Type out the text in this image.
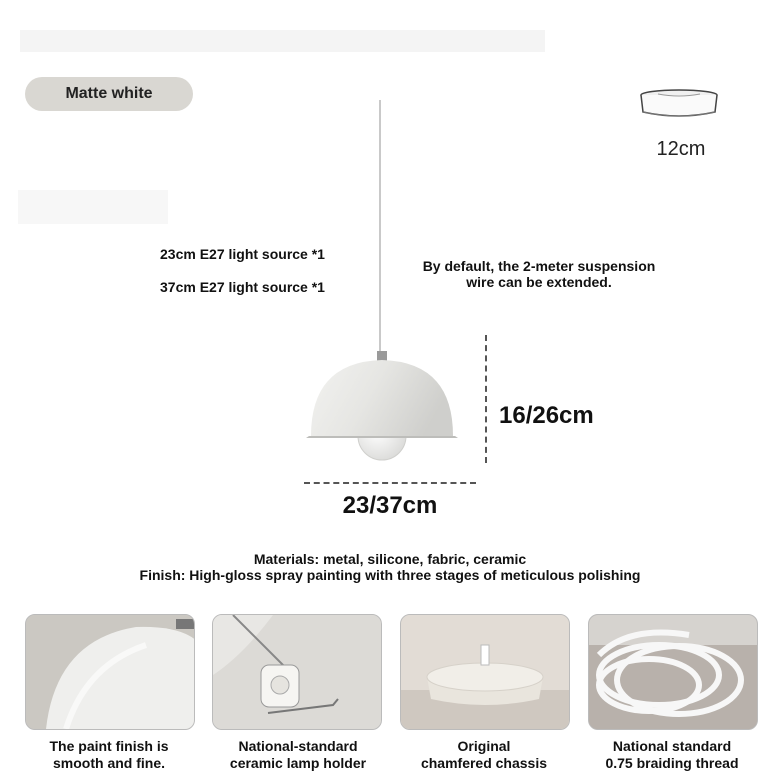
Matte white
12cm
23cm E27 light source *1
37cm E27 light source *1
By default, the 2-meter suspension
wire can be extended.
16/26cm
23/37cm
Materials: metal, silicone, fabric, ceramic
Finish: High-gloss spray painting with three stages of meticulous polishing
The paint finish is
smooth and fine.
National-standard
ceramic lamp holder
Original
chamfered chassis
National standard
0.75 braiding thread
